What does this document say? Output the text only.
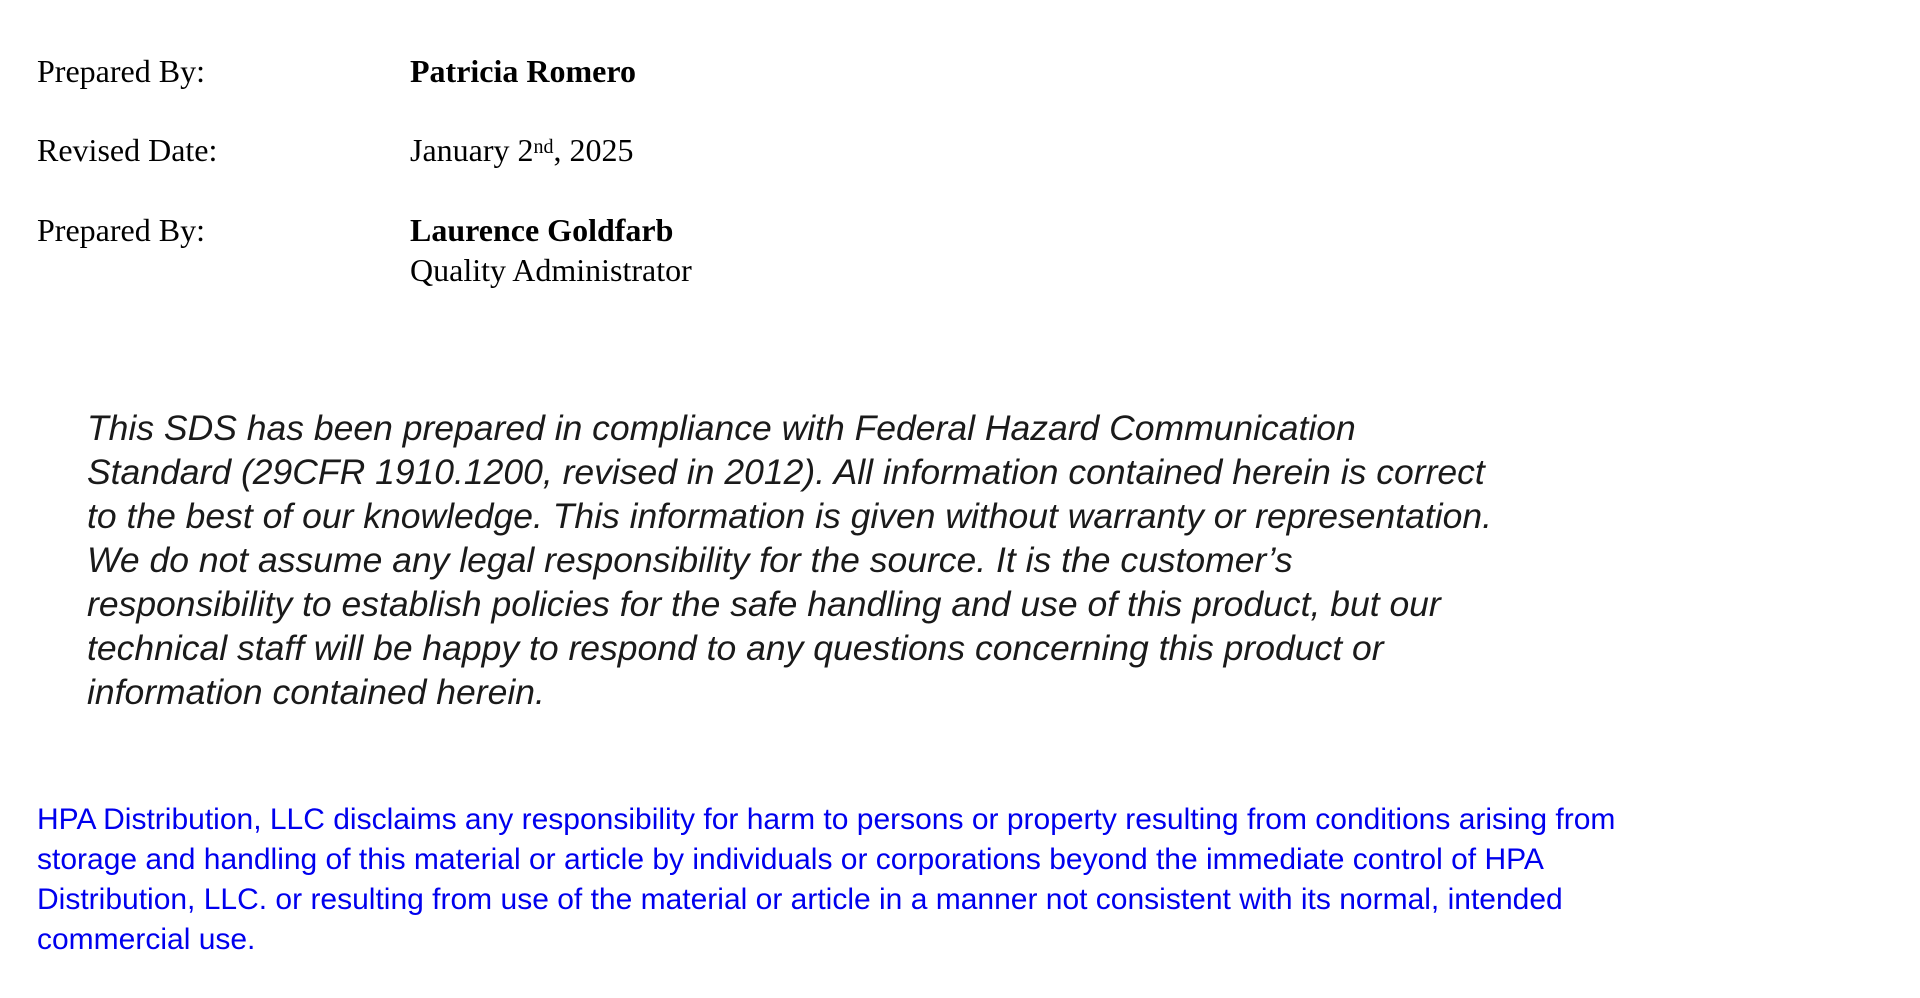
Prepared By:	Patricia Romero
Revised Date:	January 2nd, 2025
Prepared By:	Laurence Goldfarb
Quality Administrator
This SDS has been prepared in compliance with Federal Hazard Communication
Standard (29CFR 1910.1200, revised in 2012). All information contained herein is correct
to the best of our knowledge. This information is given without warranty or representation.
We do not assume any legal responsibility for the source. It is the customer’s
responsibility to establish policies for the safe handling and use of this product, but our
technical staff will be happy to respond to any questions concerning this product or
information contained herein.
HPA Distribution, LLC disclaims any responsibility for harm to persons or property resulting from conditions arising from
storage and handling of this material or article by individuals or corporations beyond the immediate control of HPA
Distribution, LLC. or resulting from use of the material or article in a manner not consistent with its normal, intended
commercial use.
